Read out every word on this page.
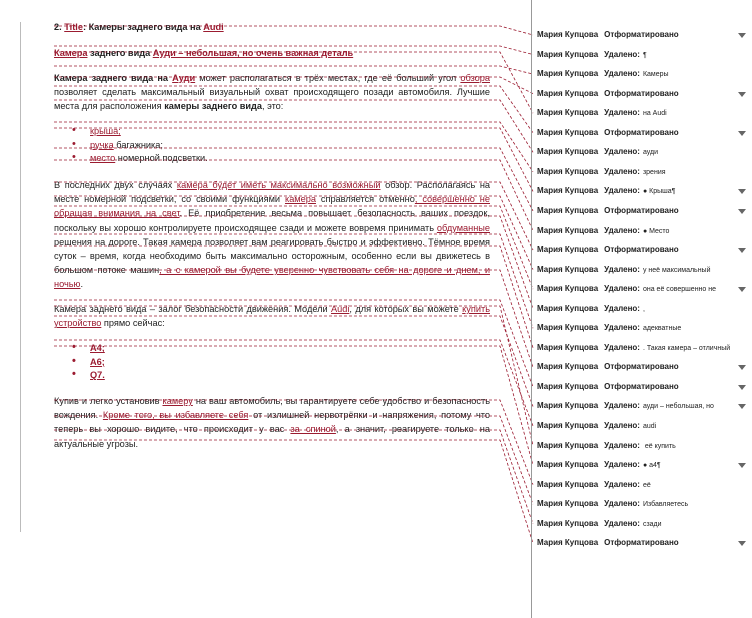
2. Title: Камеры заднего вида на Audi
Камера заднего вида Ауди – небольшая, но очень важная деталь
Камера заднего вида на Ауди может располагаться в трёх местах, где её больший угол обзора позволяет сделать максимальный визуальный охват происходящего позади автомобиля. Лучшие места для расположения камеры заднего вида, это:
• крыша;
• ручка багажника;
• место номерной подсветки.
В последних двух случаях камера будет иметь максимально возможный обзор. Располагаясь на месте номерной подсветки, со своими функциями камера справляется отменно, совершенно не обращая внимания на свет. Её приобретение весьма повышает безопасность ваших поездок, поскольку вы хорошо контролируете происходящее сзади и можете вовремя принимать обдуманные решения на дороге. Такая камера позволяет вам реагировать быстро и эффективно. Тёмное время суток – время, когда необходимо быть максимально осторожным, особенно если вы движетесь в большом потоке машин, а с камерой вы будете уверенно чувствовать себя на дороге и днем, и ночью.
Камера заднего вида – залог безопасности движения. Модели Audi, для которых вы можете купить устройство прямо сейчас:
• A4;
• A6;
• Q7.
Купив и легко установив камеру на ваш автомобиль, вы гарантируете себе удобство и безопасность вождения. Кроме того, вы избавляете себя от излишней нервотрёпки и напряжения, потому что теперь вы хорошо видите, что происходит у вас за спиной, а значит, реагируете только на актуальные угрозы.
Мария Купцова Отформатировано
Мария Купцова Удалено: ¶
Мария Купцова Удалено: Камеры
Мария Купцова Отформатировано
Мария Купцова Удалено: на Audi
Мария Купцова Отформатировано
Мария Купцова Удалено: ауди
Мария Купцова Удалено: зрения
Мария Купцова Удалено: ● Крыша¶
Мария Купцова Отформатировано
Мария Купцова Удалено: ● Место
Мария Купцова Отформатировано
Мария Купцова Удалено: у неё максимальный
Мария Купцова Удалено: она её совершенно не
Мария Купцова Удалено: ,
Мария Купцова Удалено: адекватные
Мария Купцова Удалено: . Такая камера – отличный
Мария Купцова Отформатировано
Мария Купцова Отформатировано
Мария Купцова Удалено: ауди – небольшая, но
Мария Купцова Удалено: audi
Мария Купцова Удалено: её купить
Мария Купцова Удалено: ● a4¶
Мария Купцова Удалено: её
Мария Купцова Удалено: Избавляетесь
Мария Купцова Удалено: сзади
Мария Купцова Отформатировано
